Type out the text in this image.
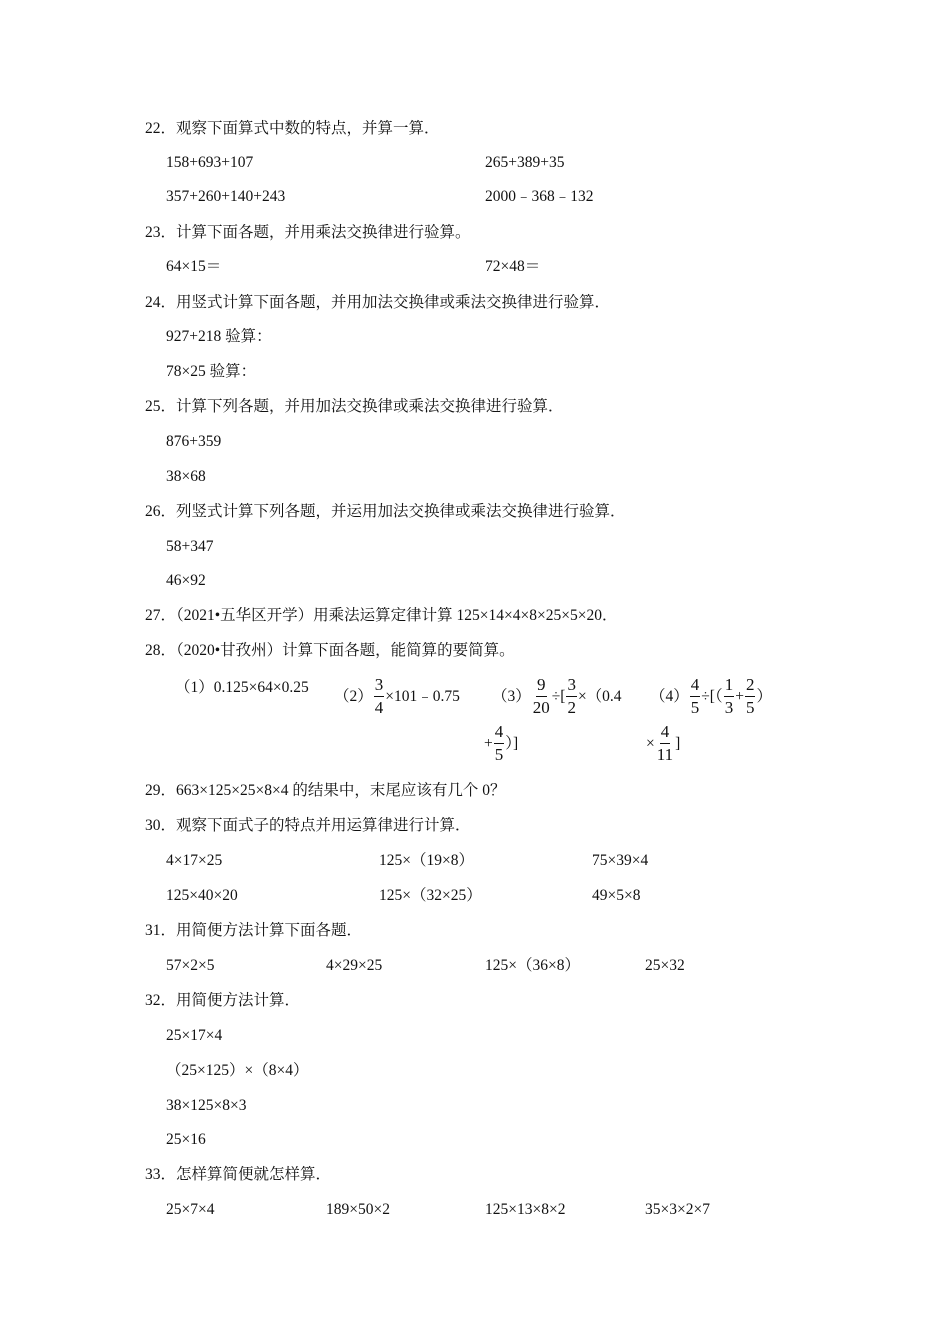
22．观察下面算式中数的特点，并算一算．
158+693+107	265+389+35
357+260+140+243	2000﹣368﹣132
23．计算下面各题，并用乘法交换律进行验算。
64×15＝	72×48＝
24．用竖式计算下面各题，并用加法交换律或乘法交换律进行验算．
927+218 验算：
78×25 验算：
25．计算下列各题，并用加法交换律或乘法交换律进行验算．
876+359
38×68
26．列竖式计算下列各题，并运用加法交换律或乘法交换律进行验算．
58+347
46×92
27．（2021•五华区开学）用乘法运算定律计算 125×14×4×8×25×5×20．
28．（2020•甘孜州）计算下面各题，能简算的要简算。
（1）0.125×64×0.25
$(2) \frac{3}{4}$ ×101﹣0.75 $(3) \frac{9}{20}$ ÷[ $\frac{3}{2} \times(0.4$ $(4) \frac{4}{5}$ ÷[（ $\frac{1}{3} + \frac{2}{5}$ ）
+ $\frac{4}{5}$ ）]	× $\frac{4}{11}$ ]
29．663×125×25×8×4 的结果中，末尾应该有几个 0？
30．观察下面式子的特点并用运算律进行计算．
4×17×25	125×（19×8）	75×39×4
125×40×20	125×（32×25）	49×5×8
31．用简便方法计算下面各题．
57×2×5	4×29×25	125×（36×8）	25×32
32．用简便方法计算．
25×17×4
（25×125）×（8×4）
38×125×8×3
25×16
33．怎样算简便就怎样算．
25×7×4	189×50×2	125×13×8×2	35×3×2×7
